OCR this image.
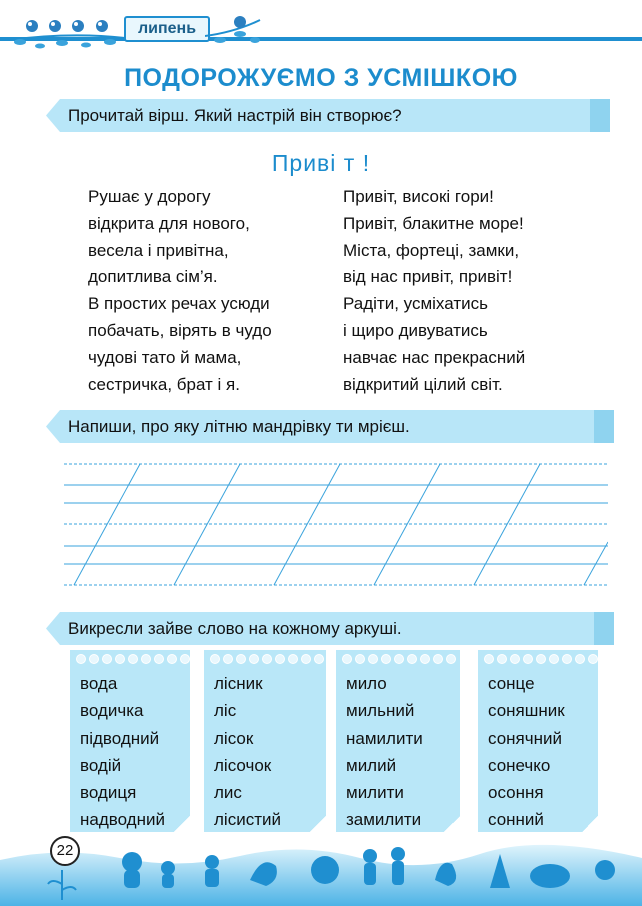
липень
ПОДОРОЖУЄМО З УСМІШКОЮ
Прочитай вірш. Який настрій він створює?
Приві т !
Рушає у дорогу
відкрита для нового,
весела і привітна,
допитлива сім’я.
В простих речах усюди
побачать, вірять в чудо
чудові тато й мама,
сестричка, брат і я.
Привіт, високі гори!
Привіт, блакитне море!
Міста, фортеці, замки,
від нас привіт, привіт!
Радіти, усміхатись
і щиро дивуватись
навчає нас прекрасний
відкритий цілий світ.
Напиши, про яку літню мандрівку ти мрієш.
Викресли зайве слово на кожному аркуші.
вода
водичка
підводний
водій
водиця
надводний
лісник
ліс
лісок
лісочок
лис
лісистий
мило
мильний
намилити
милий
милити
замилити
сонце
соняшник
сонячний
сонечко
осоння
сонний
22
